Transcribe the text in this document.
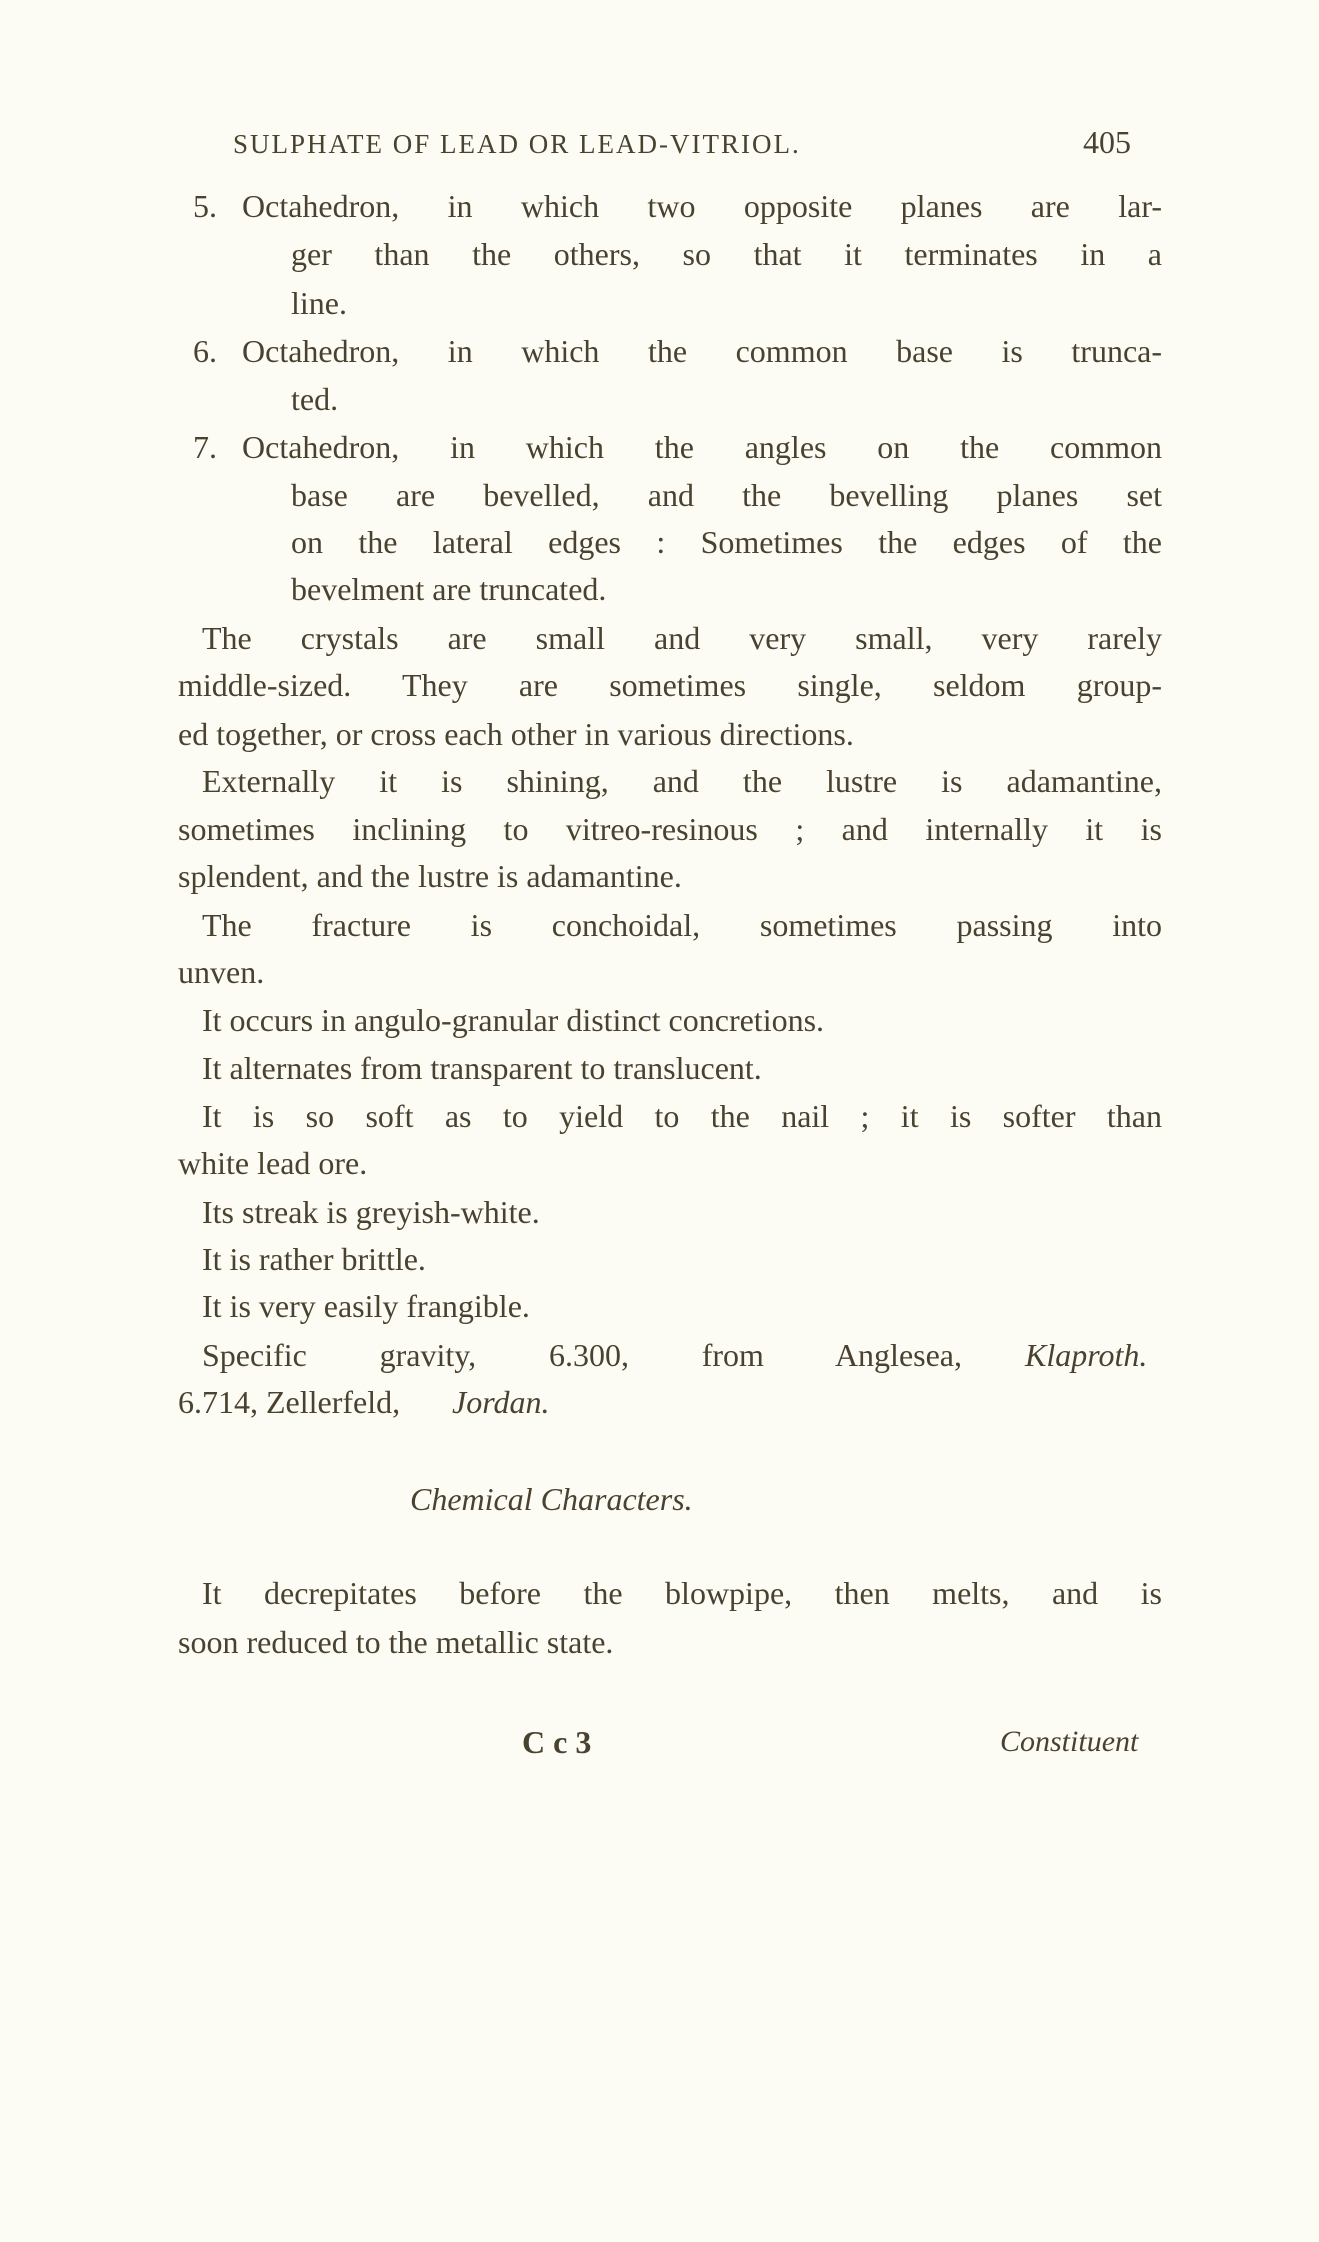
SULPHATE OF LEAD OR LEAD-VITRIOL.	405
5. Octahedron, in which two opposite planes are lar-
ger than the others, so that it terminates in a
line.
6. Octahedron, in which the common base is trunca-
ted.
7. Octahedron, in which the angles on the common
base are bevelled, and the bevelling planes set
on the lateral edges : Sometimes the edges of the
bevelment are truncated.
The crystals are small and very small, very rarely
middle-sized. They are sometimes single, seldom group-
ed together, or cross each other in various directions.
Externally it is shining, and the lustre is adamantine,
sometimes inclining to vitreo-resinous ; and internally it is
splendent, and the lustre is adamantine.
The fracture is conchoidal, sometimes passing into
unven.
It occurs in angulo-granular distinct concretions.
It alternates from transparent to translucent.
It is so soft as to yield to the nail ; it is softer than
white lead ore.
Its streak is greyish-white.
It is rather brittle.
It is very easily frangible.
Specific gravity, 6.300, from Anglesea, Klaproth.
6.714, Zellerfeld, Jordan.
Chemical Characters.
It decrepitates before the blowpipe, then melts, and is
soon reduced to the metallic state.
C c 3	Constituent
